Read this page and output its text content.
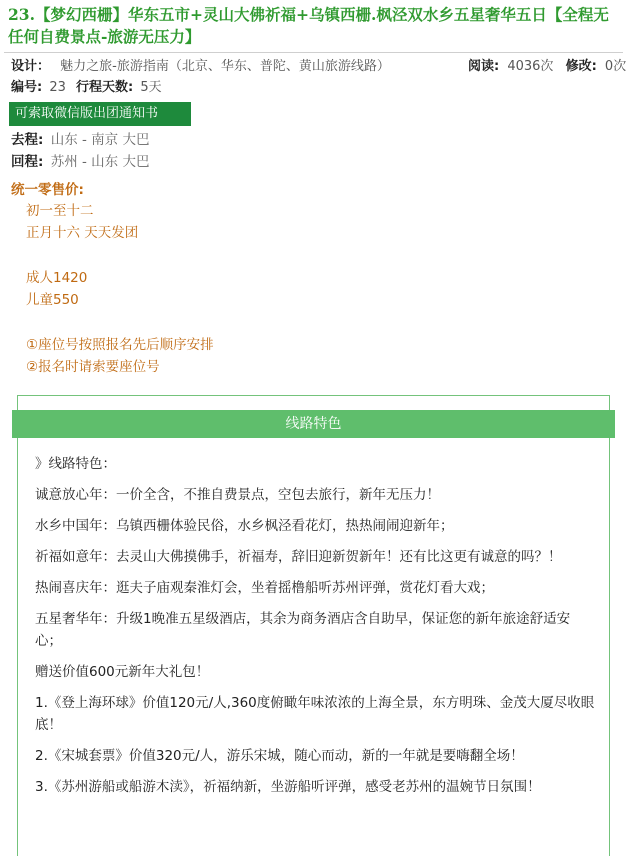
23.【梦幻西栅】华东五市+灵山大佛祈福+乌镇西栅.枫泾双水乡五星奢华五日【全程无任何自费景点-旅游无压力】
设计： 魅力之旅-旅游指南（北京、华东、普陀、黄山旅游线路）	阅读: 4036次 修改: 0次
编号: 23 行程天数: 5天
可索取微信版出团通知书
去程: 山东 - 南京 大巴
回程: 苏州 - 山东 大巴
统一零售价:
初一至十二
正月十六 天天发团
成人1420
儿童550
①座位号按照报名先后顺序安排
②报名时请索要座位号
线路特色

》线路特色：

诚意放心年：一价全含，不推自费景点，空包去旅行，新年无压力！

水乡中国年：乌镇西栅体验民俗，水乡枫泾看花灯，热热闹闹迎新年；

祈福如意年：去灵山大佛摸佛手，祈福寿，辞旧迎新贺新年！还有比这更有诚意的吗？！

热闹喜庆年：逛夫子庙观秦淮灯会，坐着摇橹船听苏州评弹，赏花灯看大戏；

五星奢华年：升级1晚准五星级酒店，其余为商务酒店含自助早，保证您的新年旅途舒适安心；

赠送价值600元新年大礼包！

1.《登上海环球》价值120元/人,360度俯瞰年味浓浓的上海全景，东方明珠、金茂大厦尽收眼底！

2.《宋城套票》价值320元/人，游乐宋城，随心而动，新的一年就是要嗨翻全场！

3.《苏州游船或船游木渎》，祈福纳新，坐游船听评弹，感受老苏州的温婉节日氛围！
